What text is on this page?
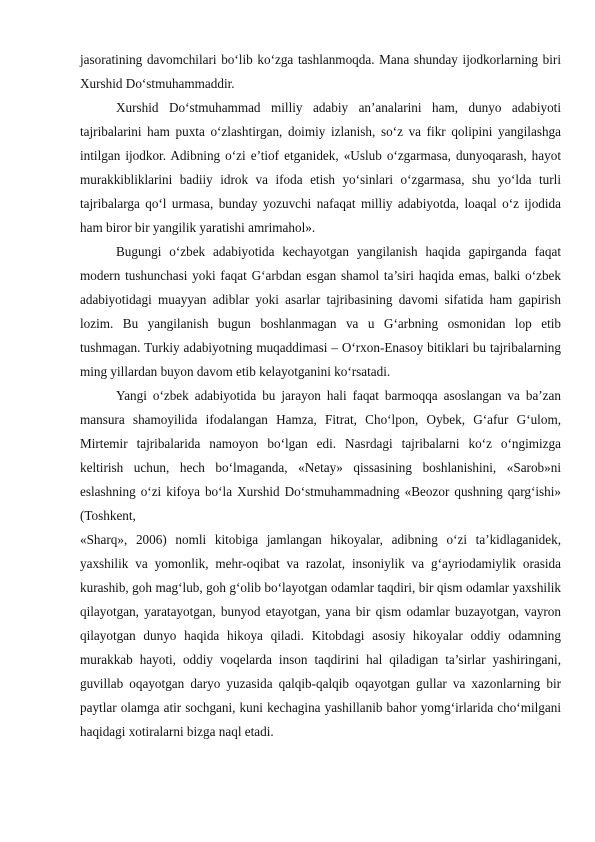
jasoratining davomchilari bo‘lib ko‘zga tashlanmoqda. Mana shunday ijodkorlarning biri Xurshid Do‘stmuhammaddir.

Xurshid Do‘stmuhammad milliy adabiy an’analarini ham, dunyo adabiyoti tajribalarini ham puxta o‘zlashtirgan, doimiy izlanish, so‘z va fikr qolipini yangilashga intilgan ijodkor. Adibning o‘zi e’tiof etganidek, «Uslub o‘zgarmasa, dunyoqarash, hayot murakkibliklarini badiiy idrok va ifoda etish yo‘sinlari o‘zgarmasa, shu yo‘lda turli tajribalarga qo‘l urmasa, bunday yozuvchi nafaqat milliy adabiyotda, loaqal o‘z ijodida ham biror bir yangilik yaratishi amrimahol».

Bugungi o‘zbek adabiyotida kechayotgan yangilanish haqida gapirganda faqat modern tushunchasi yoki faqat G‘arbdan esgan shamol ta’siri haqida emas, balki o‘zbek adabiyotidagi muayyan adiblar yoki asarlar tajribasining davomi sifatida ham gapirish lozim. Bu yangilanish bugun boshlanmagan va u G‘arbning osmonidan lop etib tushmagan. Turkiy adabiyotning muqaddimasi – O‘rxon-Enasoy bitiklari bu tajribalarning ming yillardan buyon davom etib kelayotganini ko‘rsatadi.

Yangi o‘zbek adabiyotida bu jarayon hali faqat barmoqqa asoslangan va ba’zan mansura shamoyilida ifodalangan Hamza, Fitrat, Cho‘lpon, Oybek, G‘afur G‘ulom, Mirtemir tajribalarida namoyon bo‘lgan edi. Nasrdagi tajribalarni ko‘z o‘ngimizga keltirish uchun, hech bo‘lmaganda, «Netay» qissasining boshlanishini, «Sarob»ni eslashning o‘zi kifoya bo‘la Xurshid Do‘stmuhammadning «Beozor qushning qarg‘ishi» (Toshkent,

«Sharq», 2006) nomli kitobiga jamlangan hikoyalar, adibning o‘zi ta’kidlaganidek, yaxshilik va yomonlik, mehr-oqibat va razolat, insoniylik va g‘ayriodamiylik orasida kurashib, goh mag‘lub, goh g‘olib bo‘layotgan odamlar taqdiri, bir qism odamlar yaxshilik qilayotgan, yaratayotgan, bunyod etayotgan, yana bir qism odamlar buzayotgan, vayron qilayotgan dunyo haqida hikoya qiladi. Kitobdagi asosiy hikoyalar oddiy odamning murakkab hayoti, oddiy voqelarda inson taqdirini hal qiladigan ta’sirlar yashiringani, guvillab oqayotgan daryo yuzasida qalqib-qalqib oqayotgan gullar va xazonlarning bir paytlar olamga atir sochgani, kuni kechagina yashillanib bahor yomg‘irlarida cho‘milgani haqidagi xotiralarni bizga naql etadi.
